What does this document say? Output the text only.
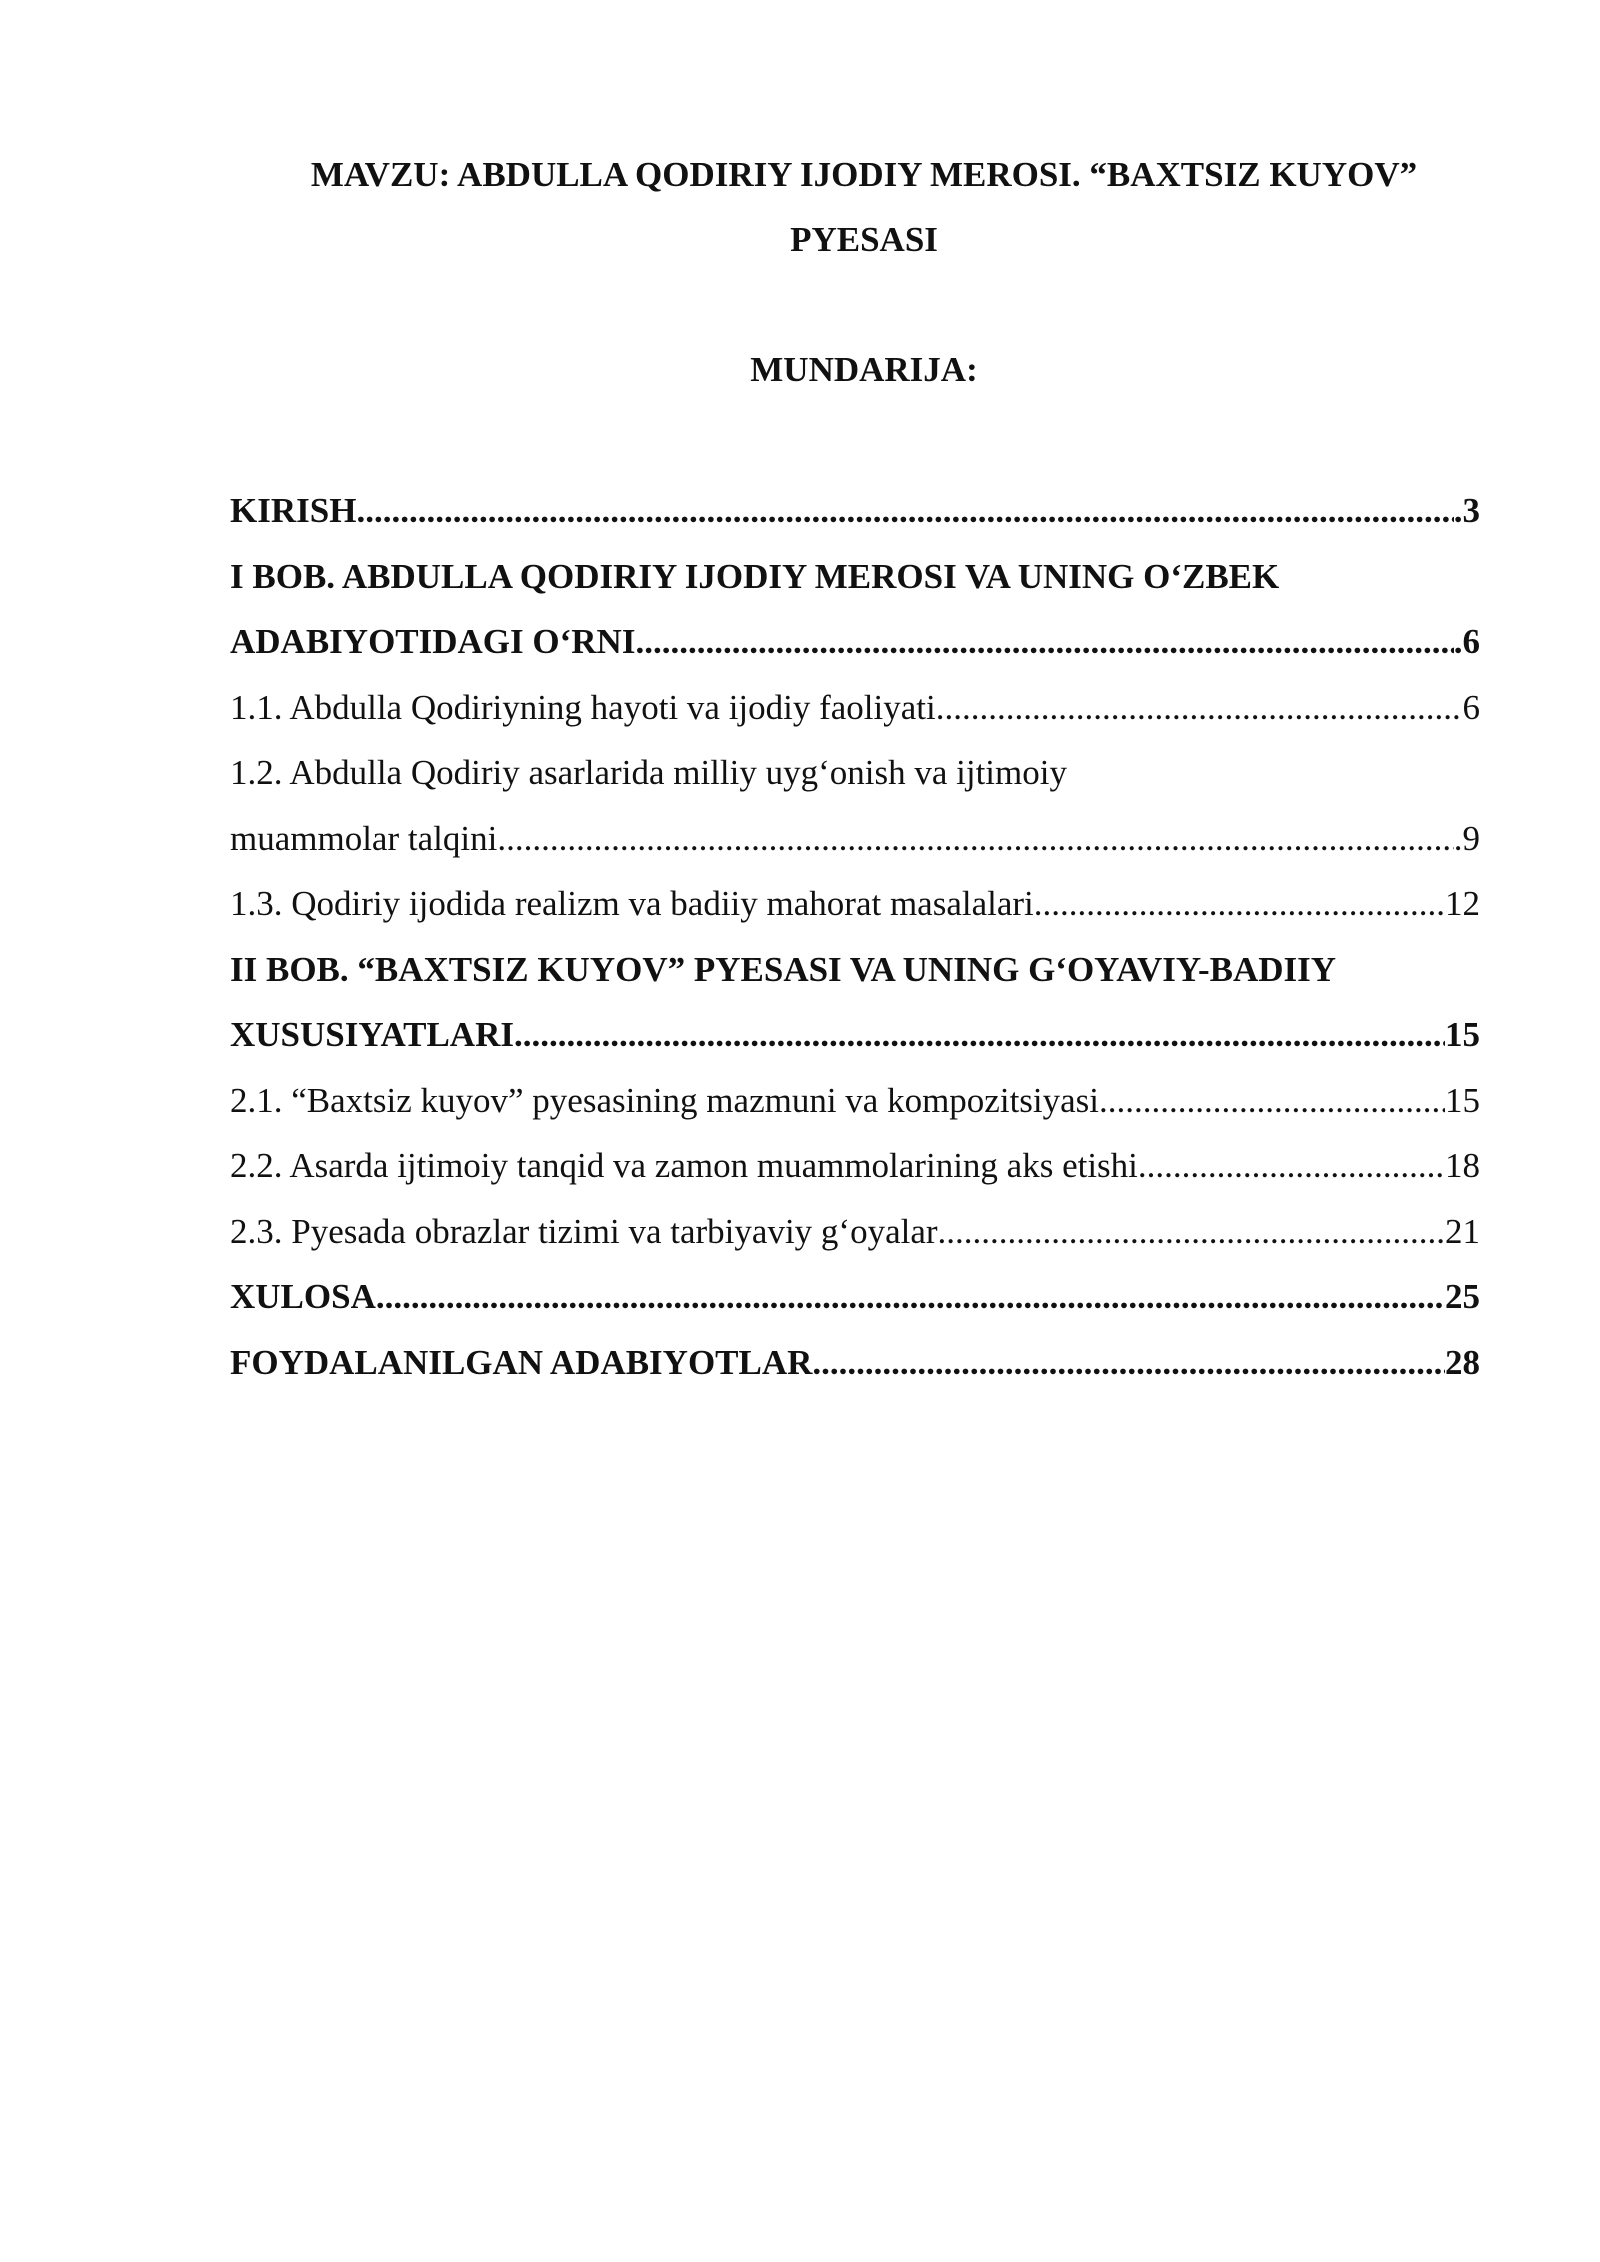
MAVZU: ABDULLA QODIRIY IJODIY MEROSI. “BAXTSIZ KUYOV”
PYESASI
MUNDARIJA:
KIRISH .....	.3
I BOB. ABDULLA QODIRIY IJODIY MEROSI VA UNING O‘ZBEK
ADABIYOTIDAGI O‘RNI .....	.6
1.1. Abdulla Qodiriyning hayoti va ijodiy faoliyati .....	6
1.2. Abdulla Qodiriy asarlarida milliy uyg‘onish va ijtimoiy
muammolar talqini .....	.9
1.3. Qodiriy ijodida realizm va badiiy mahorat masalalari .....	12
II BOB. “BAXTSIZ KUYOV” PYESASI VA UNING G‘OYAVIY-BADIIY
XUSUSIYATLARI .....	15
2.1. “Baxtsiz kuyov” pyesasining mazmuni va kompozitsiyasi .....	15
2.2. Asarda ijtimoiy tanqid va zamon muammolarining aks etishi .....	18
2.3. Pyesada obrazlar tizimi va tarbiyaviy g‘oyalar .....	21
XULOSA .....	25
FOYDALANILGAN ADABIYOTLAR .....	28
